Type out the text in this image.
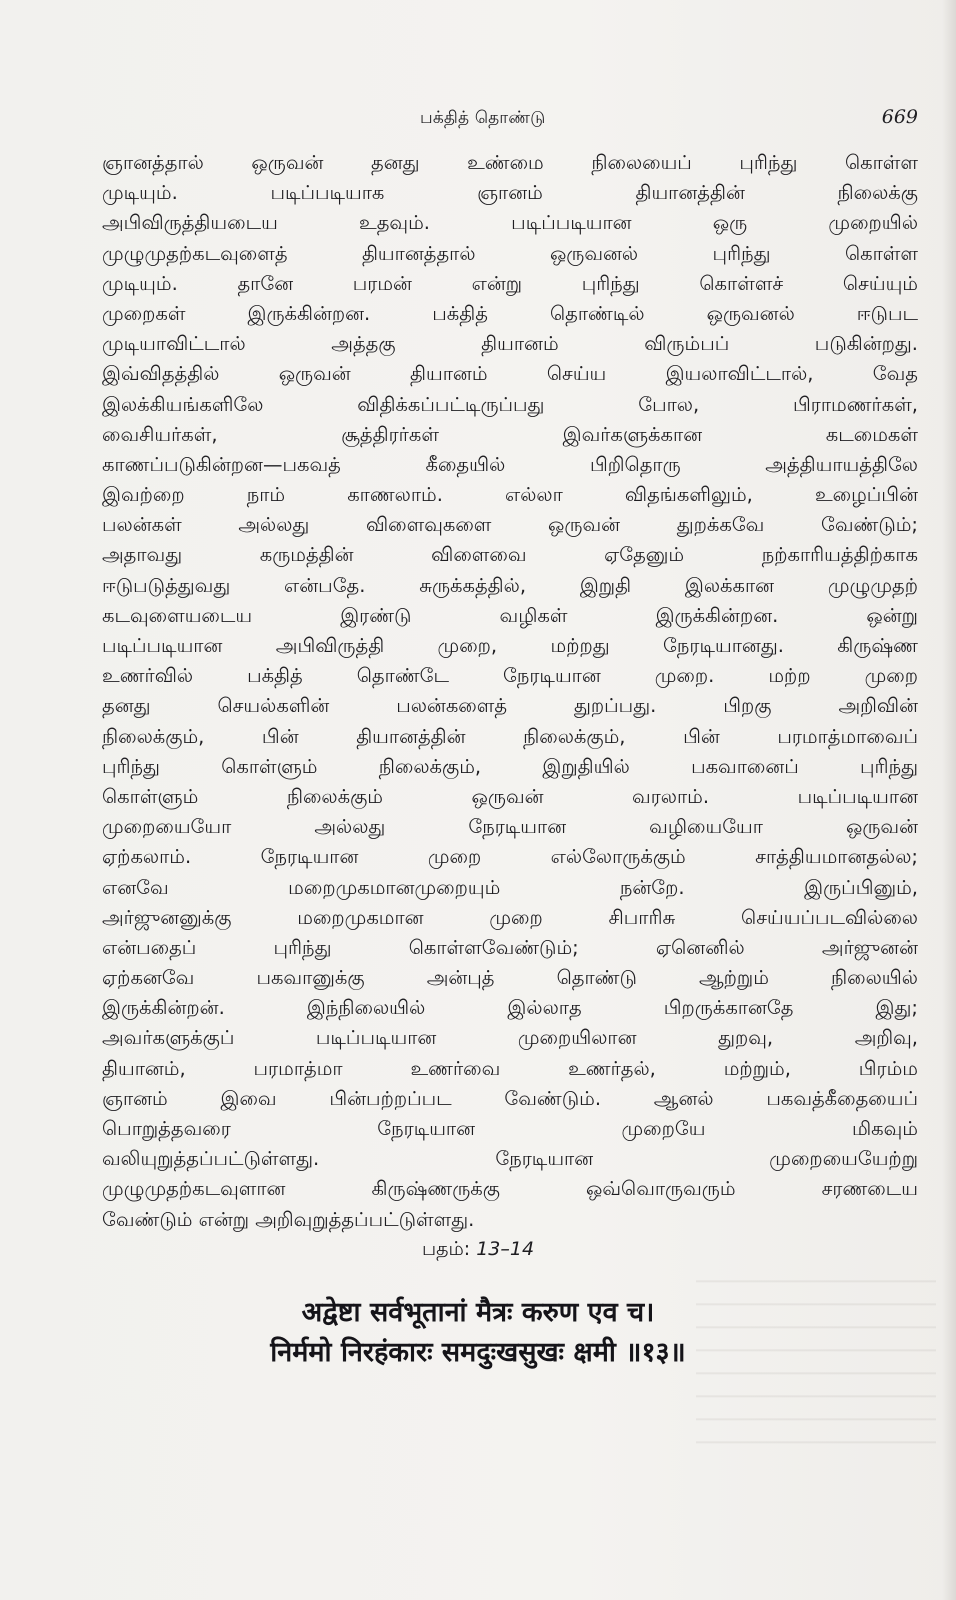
பக்தித் தொண்டு	669
ஞானத்தால் ஒருவன் தனது உண்மை நிலையைப் புரிந்து கொள்ள
முடியும். படிப்படியாக ஞானம் தியானத்தின் நிலைக்கு
அபிவிருத்தியடைய உதவும். படிப்படியான ஒரு முறையில்
முழுமுதற்கடவுளைத் தியானத்தால் ஒருவனல் புரிந்து கொள்ள
முடியும். தானே பரமன் என்று புரிந்து கொள்ளச் செய்யும்
முறைகள் இருக்கின்றன. பக்தித் தொண்டில் ஒருவனல் ஈடுபட
முடியாவிட்டால் அத்தகு தியானம் விரும்பப் படுகின்றது.
இவ்விதத்தில் ஒருவன் தியானம் செய்ய இயலாவிட்டால், வேத
இலக்கியங்களிலே விதிக்கப்பட்டிருப்பது போல, பிராமணர்கள்,
வைசியர்கள், சூத்திரர்கள் இவர்களுக்கான கடமைகள்
காணப்படுகின்றன—பகவத் கீதையில் பிறிதொரு அத்தியாயத்திலே
இவற்றை நாம் காணலாம். எல்லா விதங்களிலும், உழைப்பின்
பலன்கள் அல்லது விளைவுகளை ஒருவன் துறக்கவே வேண்டும்;
அதாவது கருமத்தின் விளைவை ஏதேனும் நற்காரியத்திற்காக
ஈடுபடுத்துவது என்பதே. சுருக்கத்தில், இறுதி இலக்கான முழுமுதற்
கடவுளையடைய இரண்டு வழிகள் இருக்கின்றன. ஒன்று
படிப்படியான அபிவிருத்தி முறை, மற்றது நேரடியானது. கிருஷ்ண
உணர்வில் பக்தித் தொண்டே நேரடியான முறை. மற்ற முறை
தனது செயல்களின் பலன்களைத் துறப்பது. பிறகு அறிவின்
நிலைக்கும், பின் தியானத்தின் நிலைக்கும், பின் பரமாத்மாவைப்
புரிந்து கொள்ளும் நிலைக்கும், இறுதியில் பகவானைப் புரிந்து
கொள்ளும் நிலைக்கும் ஒருவன் வரலாம். படிப்படியான
முறையையோ அல்லது நேரடியான வழியையோ ஒருவன்
ஏற்கலாம். நேரடியான முறை எல்லோருக்கும் சாத்தியமானதல்ல;
எனவே மறைமுகமானமுறையும் நன்றே. இருப்பினும்,
அர்ஜுனனுக்கு மறைமுகமான முறை சிபாரிசு செய்யப்படவில்லை
என்பதைப் புரிந்து கொள்ளவேண்டும்; ஏனெனில் அர்ஜுனன்
ஏற்கனவே பகவானுக்கு அன்புத் தொண்டு ஆற்றும் நிலையில்
இருக்கின்றன். இந்நிலையில் இல்லாத பிறருக்கானதே இது;
அவர்களுக்குப் படிப்படியான முறையிலான துறவு, அறிவு,
தியானம், பரமாத்மா உணர்வை உணர்தல், மற்றும், பிரம்ம
ஞானம் இவை பின்பற்றப்பட வேண்டும். ஆனல் பகவத்கீதையைப்
பொறுத்தவரை நேரடியான முறையே மிகவும்
வலியுறுத்தப்பட்டுள்ளது. நேரடியான முறையையேற்று
முழுமுதற்கடவுளான கிருஷ்ணருக்கு ஒவ்வொருவரும் சரணடைய
வேண்டும் என்று அறிவுறுத்தப்பட்டுள்ளது.
பதம்: 13–14
अद्वेष्टा सर्वभूतानां मैत्रः करुण एव च।
निर्ममो निरहंकारः समदुःखसुखः क्षमी ॥१३॥
